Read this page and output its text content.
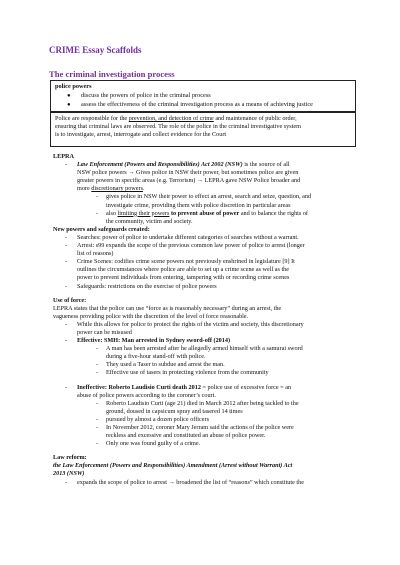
CRIME Essay Scaffolds
The criminal investigation process
police powers
● discuss the powers of police in the criminal process
● assess the effectiveness of the criminal investigation process as a means of achieving justice
Police are responsible for the prevention, and detection of crime and maintenance of public order,
ensuring that criminal laws are observed. The role of the police in the criminal investigative system
is to investigate, arrest, interrogate and collect evidence for the Court
LEPRA
- Law Enforcement (Powers and Responsibilities) Act 2002 (NSW) is the source of all
NSW police powers → Gives police in NSW their power, but sometimes police are given
greater powers in specific areas (e.g. Terrorism) → LEPRA gave NSW Police broader and
more discretionary powers.
- gives police in NSW their power to effect an arrest, search and seize, question, and
investigate crime, providing them with police discretion in particular areas
- also limiting their powers to prevent abuse of power and to balance the rights of
the community, victim and society.
New powers and safeguards created:
- Searches: power of police to undertake different categories of searches without a warrant.
- Arrest: s99 expands the scope of the previous common law power of police to arrest (longer
list of reasons)
- Crime Scenes: codifies crime scene powers not previously enshrined in legislature [9] It
outlines the circumstances where police are able to set up a crime scene as well as the
power to prevent individuals from entering, tampering with or recording crime scenes
- Safeguards: restrictions on the exercise of police powers
Use of force:
LEPRA states that the police can use “force as is reasonably necessary” during an arrest, the
vagueness providing police with the discretion of the level of force reasonable.
- While this allows for police to protect the rights of the victim and society, this discretionary
power can be misused
- Effective: SMH: Man arrested in Sydney sword-off (2014)
- A man has been arrested after he allegedly armed himself with a samurai sword
during a five-hour stand-off with police.
- They used a Taser to subdue and arrest the man.
- Effective use of tasers in protecting violence from the community
- Ineffective: Roberto Laudisio Curti death 2012 = police use of excessive force = an
abuse of police powers according to the coroner’s court.
- Roberto Laudisio Curti (age 21) died in March 2012 after being tackled to the
ground, doused in capsicum spray and tasered 14 times
- pursued by almost a dozen police officers
- In November 2012, coroner Mary Jerram said the actions of the police were
reckless and excessive and constituted an abuse of police power.
- Only one was found guilty of a crime.
Law reform:
the Law Enforcement (Powers and Responsibilities) Amendment (Arrest without Warrant) Act
2013 (NSW)
- expands the scope of police to arrest → broadened the list of “reasons” which constitute the
